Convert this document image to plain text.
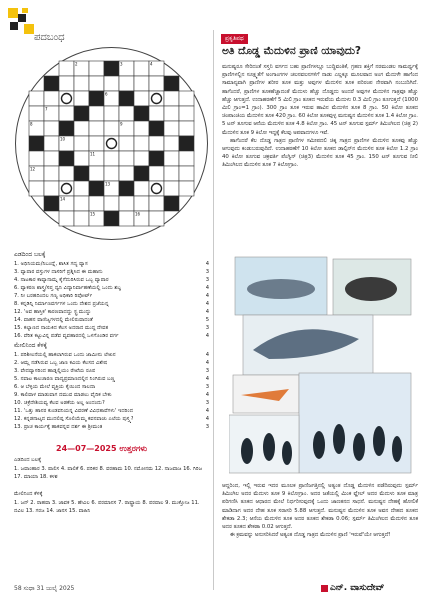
ಪದಬಂಧ
2	3	4
6
7
8	9
10
11
12
13
14
15	16
ಎಡದಿಂದ ಬಲಕ್ಕೆ
1. ಅಧಿನಿಯಮ/ನಿಬಂಧ್ನೆ, ಶಾಸಿತ ಗದ್ಯ ವ್ಯಾಸ	4
3. ವ್ಯಾಪಾರ ವಸ್ತುಗಳ ದಾಸರಿಗೆ ಪ್ರಶ್ನಿಸಿದ ಈ ಮಹಾನು	3
4. ನಾಟಕಾರ ಕಾವ್ಯಾನಾಮ್ನ ಕೈಗೆದುರಿಸಿರುವ ಒಬ್ಬ ವ್ಯಾಪಾರ	3
6. ವ್ಯಾಕರಣ ಶಾಸ್ತ್ರ/ಸಪ್ತ ಧ್ವನಿ ವಿದ್ಯಾನಿರ್ವಾಹಣೆಯಲ್ಲಿ ಒಂದು ಶಬ್ದ	4
7. ನೀ ಬರಹದಿಂದಲ ಗಣ್ಯ ಅಧಿಕಾರಿ ರಿಪೋರ್ಟ್	4
8. ಕನ್ನಡಿನ್ನಿ ನಿರ್ಮಾಣವರ್ಗಗಳ ಒಂದು ದೇಶದ ಪ್ರಜೆಯನ್ನ	4
12. 'ಅವ ಹಾಸ್ತಿಕ' ಕಾರಣವಾದದ್ದು ಸ್ಟ್ರ ಮುದ್ದು	4
14. ವಾಹನ ವಾಣಿಜ್ಯಗಳದಲ್ಲಿ ಮೇಲಿರುವಾದಂತೆ	5
15. ಕಲ್ಯಾಣದ ನಾಯಕಿದ ಕೆಲಸ ಅದರಾದ ಮುದ್ದ ದೇವತ	3
16. ವೆರಿತ ಕಟ್ಟುವಿನ್ನ ಪಡೆವ ವ್ಯವಹಾರದಲ್ಲಿ ಒಳಗೊಂಡಿರ ವರ್ಗ	4
ಮೇಲಿನಿಂದ ಕೆಳಕ್ಕೆ
1. ಪರಿಶೀಲನೆಯಲ್ಲಿ ಹಾಕಲಾಗಿರುವ ಒಂದು ಜಾಮೀನು ಲೇಖನ	4
2. ಆಮ್ಲ ನಡೆಸಿರುವ ಒಬ್ಬ ಜಾಣ ಕವಿಯ ಕೆಲಸದ ವಿಶೇಷ	4
3. ವೇದವ್ಯಾಸರಿಂದ ಹಾಡ್ನಲ್ಲಿಯಂ ರೇಖೆಯ ರೂಪ	3
5. ನವಾಟ ಕಾಲಚಾರಣ ವಾದ್ಯಪ್ರಮಾಣದಲ್ಲಿನ ನಿಂಗಿರುವ ಬಣ್ಣ	4
6. ಆ ಬೆಳ್ಳಿಯ ಮೇಲೆ ವ್ಯಕ್ತಿಯ ಕೈಯಿಂದ ಸಾಲದಾ	3
9. ಕಾಲಿವಾಳ ಮಾಡುವಾಗ ದಮುವ ಮಾಡಲು ವೈದಿಕ ಬೇಕು	4
10. ಚಕ್ರೆದೇಶಿಯವ್ವ ಕೆಲವ ಅಡಕೆಯ ಅಲ್ಲ ಅಂದಂದು?	3
11. 'ಒತ್ತು ಹಾನರ ಕುಂಡವನಿಯನ್ನ ವಿವರಣೆ ವಿವಿಧತಾವೆಗಳು' ಇದರಿಂದ	4
12. ಕನ್ನಡನಾಟ್ಕದ ಮುದಲಿಪ್ಪ ಸೊಲಿಯೆಮ್ಮ ಕವನವಾಚು ಎಲೆಯ ಪುಸ್ತ್ಕ?	4
13. ಪ್ರಾಚ ಕಾರ್ಯಕ್ಕೆ ಹಾಕವನ್ನವ ದರ್ಶ ಈ ಶ್ರೀಮಂತ	3
24—07—2025 ಉತ್ತರಗಳು
ಎಡದಿಂದ ಬಲಕ್ಕೆ
1. ಜವಾಂಹಾರ 3. ಪಾಲಿಸ 4. ಪಾಲಿಕೆ 6. ಪರಿಕರ 8. ವರಹಾಮ 10. ನಮೋನಮ 12. ನಾಜವಾಜ 16. ಗಿರಿಜ 17. ಮಾಯಾ 18. ಕಳಶ
ಮೇಲಿನಿಂದ ಕೆಳಕ್ಕೆ
1. ಜನ್ 2. ರಾಹವಾ 3. ಜಾವಕ 5. ಹೇವಿಲ 6. ಪರಮಾನಸ 7. ರಾಷ್ಟ್ರಾಯ 8. ಪರವಾಲ 9. ಮುಕ್ತೋಜ 11. ದವಿಲ 13. ಗರಜ 14. ಜಾನಸ 15. ವಾಹಿನಿ
ಪ್ರಕೃತಿಪಥ
ಅತಿ ದೊಡ್ಡ ಮೆದುಳಿನ ಪ್ರಾಣಿ ಯಾವುದು?

ಮನುಷ್ಯರೂ ಸೇರಿದಂತೆ ಸಸ್ತನಿ ವರ್ಗದ ಬಹು ಪ್ರಾಣಿಗಳಲ್ಲೂ ಬುದ್ಧಿವಂತಿಕೆ, ಗ್ರಹಣ ಶಕ್ತಿಗೆ ನರಮಂಡಲ ಸಾಮರ್ಥ್ಯಕ್ಕೆ ಪ್ರಾಣಿಗಳಲ್ಲಿನ ಸೂಕ್ಷ್ಮತೆಗೆ ಅಂಗಾಂಗಗಳ ಚಲನವಲನಗಳಿಗೆ ನಾಡು ಎಲ್ಲಕ್ಕೂ ಮೂಲವಾದ ಅಂಗ ಮೆದುಳೇ ಹಾಗೆಂದ ಸಾಮಾನ್ಯವಾಗಿ ಪ್ರಾಣಿಗಳ ಶರೀರ ತೂಕ ಮತ್ತು ಅವುಗಳ ಮೆದುಳಿನ ತೂಕ ಪರಿರಂಪ ನೇರವಾಗಿ ನಂಬುದಿಗಿದೆ. ಹಾಗೆಂದರೆ, ಪ್ರಾಣಿಗಳ ತೂಕಹೆಚ್ಚಾದಂತೆ ಮೆದುಳು ಹೆಚ್ಚು ದೊಡ್ಡದು ಅಂದರೆ ಅವುಗಳ ಮೆದುಳಿನ ಗಾತ್ರವೂ ಹೆಚ್ಚು ಹೆಚ್ಚು ಆಗುತ್ತದೆ. ಉದಾಹರಣೆಗೆ 5 ಮಿಲಿ ಗ್ರಾಂ ತೂಕದ ಇರುವೆಯ ಮೆದುಳು 0.3 ಮಿಲಿ ಗ್ರಾಂ ತೂಗುತ್ತದೆ (1000 ಮಿಲಿ ಗ್ರಾಂ=1 ಗ್ರಾಂ). 300 ಗ್ರಾಂ ತೂಕ ಇರುವ ಹಾವಿನ ಮೆದುಳಿನ ತೂಕ 8 ಗ್ರಾಂ. 50 ಕಿಲೋ ತೂಕದ ಚಿಂಪಾಂಜಿಯ ಮೆದುಳಿನ ತೂಕ 420 ಗ್ರಾಂ. 60 ಕಿಲೋ ತೂಕವುಳ್ಳ ಮನುಷ್ಯನ ಮೆದುಳಿನ ತೂಕ 1.4 ಕಿಲೋ ಗ್ರಾಂ. 5 ಟನ್ ತೂಗುವ ಆನೆಯ ಮೆದುಳಿನ ತೂಕ 4.8 ಕಿಲೋ ಗ್ರಾಂ. 45 ಟನ್ ತೂಗುವ ಸ್ಪರ್ಮ್ ತಿಮಿಂಗಿಲದ (ಚಿತ್ರ 2) ಮೆದುಳಿನ ತೂಕ 9 ಕಿಲೋ ಇದ್ದಕ್ಕೆ ಕೆಲವು ಅಪವಾದಗಳೂ ಇವೆ.

ಹಾಗೆಂದರೆ ಕೆಲ ದೊಡ್ಡ ಗಾತ್ರದ ಪ್ರಾಣಿಗಳ ಸಮೀಪದಲಿ ಚಿಕ್ಕ ಗಾತ್ರದ ಪ್ರಾಣಿಗಳ ಮೆದುಳಿನ ತೂಕವು ಹೆಚ್ಚು ಆಗುವುದು ಕಂಡುಬರುವುದಿದೆ. ಉದಾಹರಣೆಗೆ 10 ಕಿಲೋ ತೂಕದ ಡಾಲ್ಫಿನ್‌ನ ಮೆದುಳಿನ ತೂಕ ಕಿಲೋ 1.2 ಗ್ರಾಂ 40 ಕಿಲೋ ತೂಗುವ ಚಕ್ರವರ್ತಿ ಪೆಂಗ್ವಿನ್ (ಚಿತ್ರ3) ಮೆದುಳಿನ ತೂಕ 45 ಗ್ರಾಂ. 150 ಟನ್ ತೂಗುವ ನೀಲಿ ತಿಮಿಂಗಿಲದ ಮೆದುಳಿನ ತೂಕ 7 ಕಿಲೋಗ್ರಾಂ.

ಆದ್ದರಿಂದ, ಇಲ್ಲಿ ಇರುವ ಇದರ ಮೂಲಕ ಪ್ರಾಣಿಜಗತ್ತಿನಲ್ಲಿ ಅತ್ಯಂತ ದೊಡ್ಡ ಮೆದುಳಿನ ಪಡೆದಿರುವುದು ಸ್ಪರ್ಮ್ ತಿಮಿಂಗಿಲ ಅದರ ಮೆದುಳು ತೂಕ 9 ಕಿಲೋಗ್ರಾಂ. ಅದರ ಜತೆಯಲ್ಲಿ ಮಿಂಕ ವ್ಹೇಲ್ ಅದರ ಮೆದುಳು ತೂಕ ಮಾತ್ರ ಪರಿಗಣಿಸಿ ತೂಕದ ಆಧಾರದ ಮೇಲೆ ನಿರ್ಧರಿಸುವುದಕ್ಕೆ ಒಂದು ಜಾಣತನದ ಸಾಧನೆ. ಮನುಷ್ಯನ ದೇಹಕ್ಕೆ ಹೋಲಿಕೆ ಮಾಡಿದಾಗ ಅದರ ದೇಹ ತೂಕ ಸರಾಸರಿ 5.88 ಆಗುತ್ತದೆ. ಮನುಷ್ಯನ ಮೆದುಳಿನ ತೂಕ ಅವನ ದೇಹದ ತೂಕದ ಶೇಕಡಾ 2.3; ಆನೆಯ ಮೆದುಳಿನ ತೂಕ ಅದರ ತೂಕದ ಶೇಕಡಾ 0.06; ಸ್ಪರ್ಮ್ ತಿಮಿಂಗಿಲದ ಮೆದುಳಿನ ತೂಕ ಅದರ ತೂಕದ ಶೇಕಡಾ 0.02 ಆಗುತ್ತದೆ.

ಈ ಕ್ರಮವನ್ನು ಅನುಸರಿಸಿದರೆ ಅತ್ಯಂತ ದೊಡ್ಡ ಗಾತ್ರದ ಮೆದುಳಿನ ಪ್ರಾಣಿ 'ಇರುವೆ'ಯೇ ಆಗುತ್ತದೆ!

ಎನ್. ವಾಸುದೇವ್
58 ಸುಧಾ 31 ಜುಲೈ 2025
